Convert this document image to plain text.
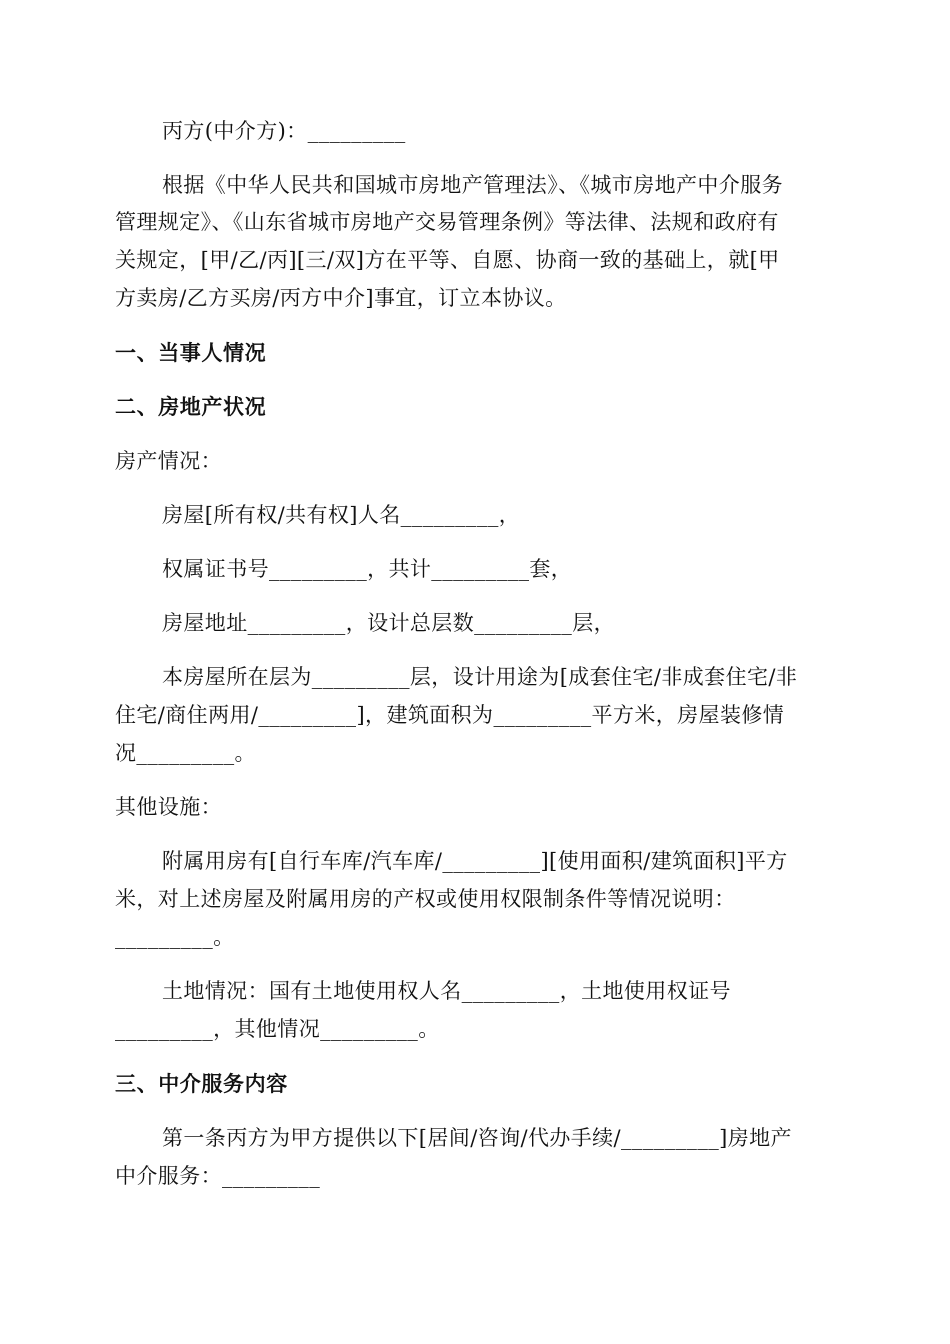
丙方(中介方)：_________
根据《中华人民共和国城市房地产管理法》、《城市房地产中介服务
管理规定》、《山东省城市房地产交易管理条例》等法律、法规和政府有
关规定，[甲/乙/丙][三/双]方在平等、自愿、协商一致的基础上，就[甲
方卖房/乙方买房/丙方中介]事宜，订立本协议。
一、当事人情况
二、房地产状况
房产情况：
房屋[所有权/共有权]人名_________，
权属证书号_________，共计_________套，
房屋地址_________，设计总层数_________层，
本房屋所在层为_________层，设计用途为[成套住宅/非成套住宅/非
住宅/商住两用/_________]，建筑面积为_________平方米，房屋装修情
况_________。
其他设施：
附属用房有[自行车库/汽车库/_________][使用面积/建筑面积]平方
米，对上述房屋及附属用房的产权或使用权限制条件等情况说明：
_________。
土地情况：国有土地使用权人名_________，土地使用权证号
_________，其他情况_________。
三、中介服务内容
第一条丙方为甲方提供以下[居间/咨询/代办手续/_________]房地产
中介服务：_________
